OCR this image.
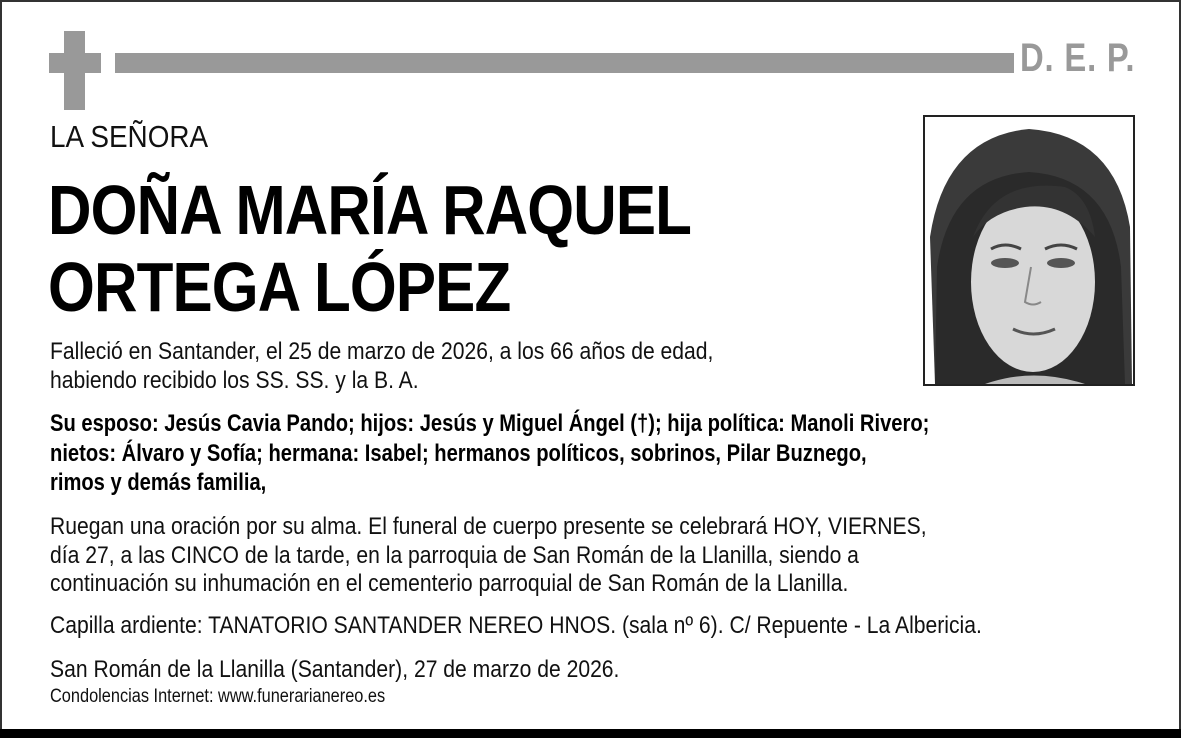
D. E. P.
LA SEÑORA
DOÑA MARÍA RAQUEL
ORTEGA LÓPEZ
Falleció en Santander, el 25 de marzo de 2026, a los 66 años de edad,
habiendo recibido los SS. SS. y la B. A.
Su esposo: Jesús Cavia Pando; hijos: Jesús y Miguel Ángel (†); hija política: Manoli Rivero;
nietos: Álvaro y Sofía; hermana: Isabel; hermanos políticos, sobrinos, Pilar Buznego,
rimos y demás familia,
Ruegan una oración por su alma. El funeral de cuerpo presente se celebrará HOY, VIERNES,
día 27, a las CINCO de la tarde, en la parroquia de San Román de la Llanilla, siendo a
continuación su inhumación en el cementerio parroquial de San Román de la Llanilla.
Capilla ardiente: TANATORIO SANTANDER NEREO HNOS. (sala nº 6). C/ Repuente - La Albericia.
San Román de la Llanilla (Santander), 27 de marzo de 2026.
Condolencias Internet: www.funerarianereo.es
